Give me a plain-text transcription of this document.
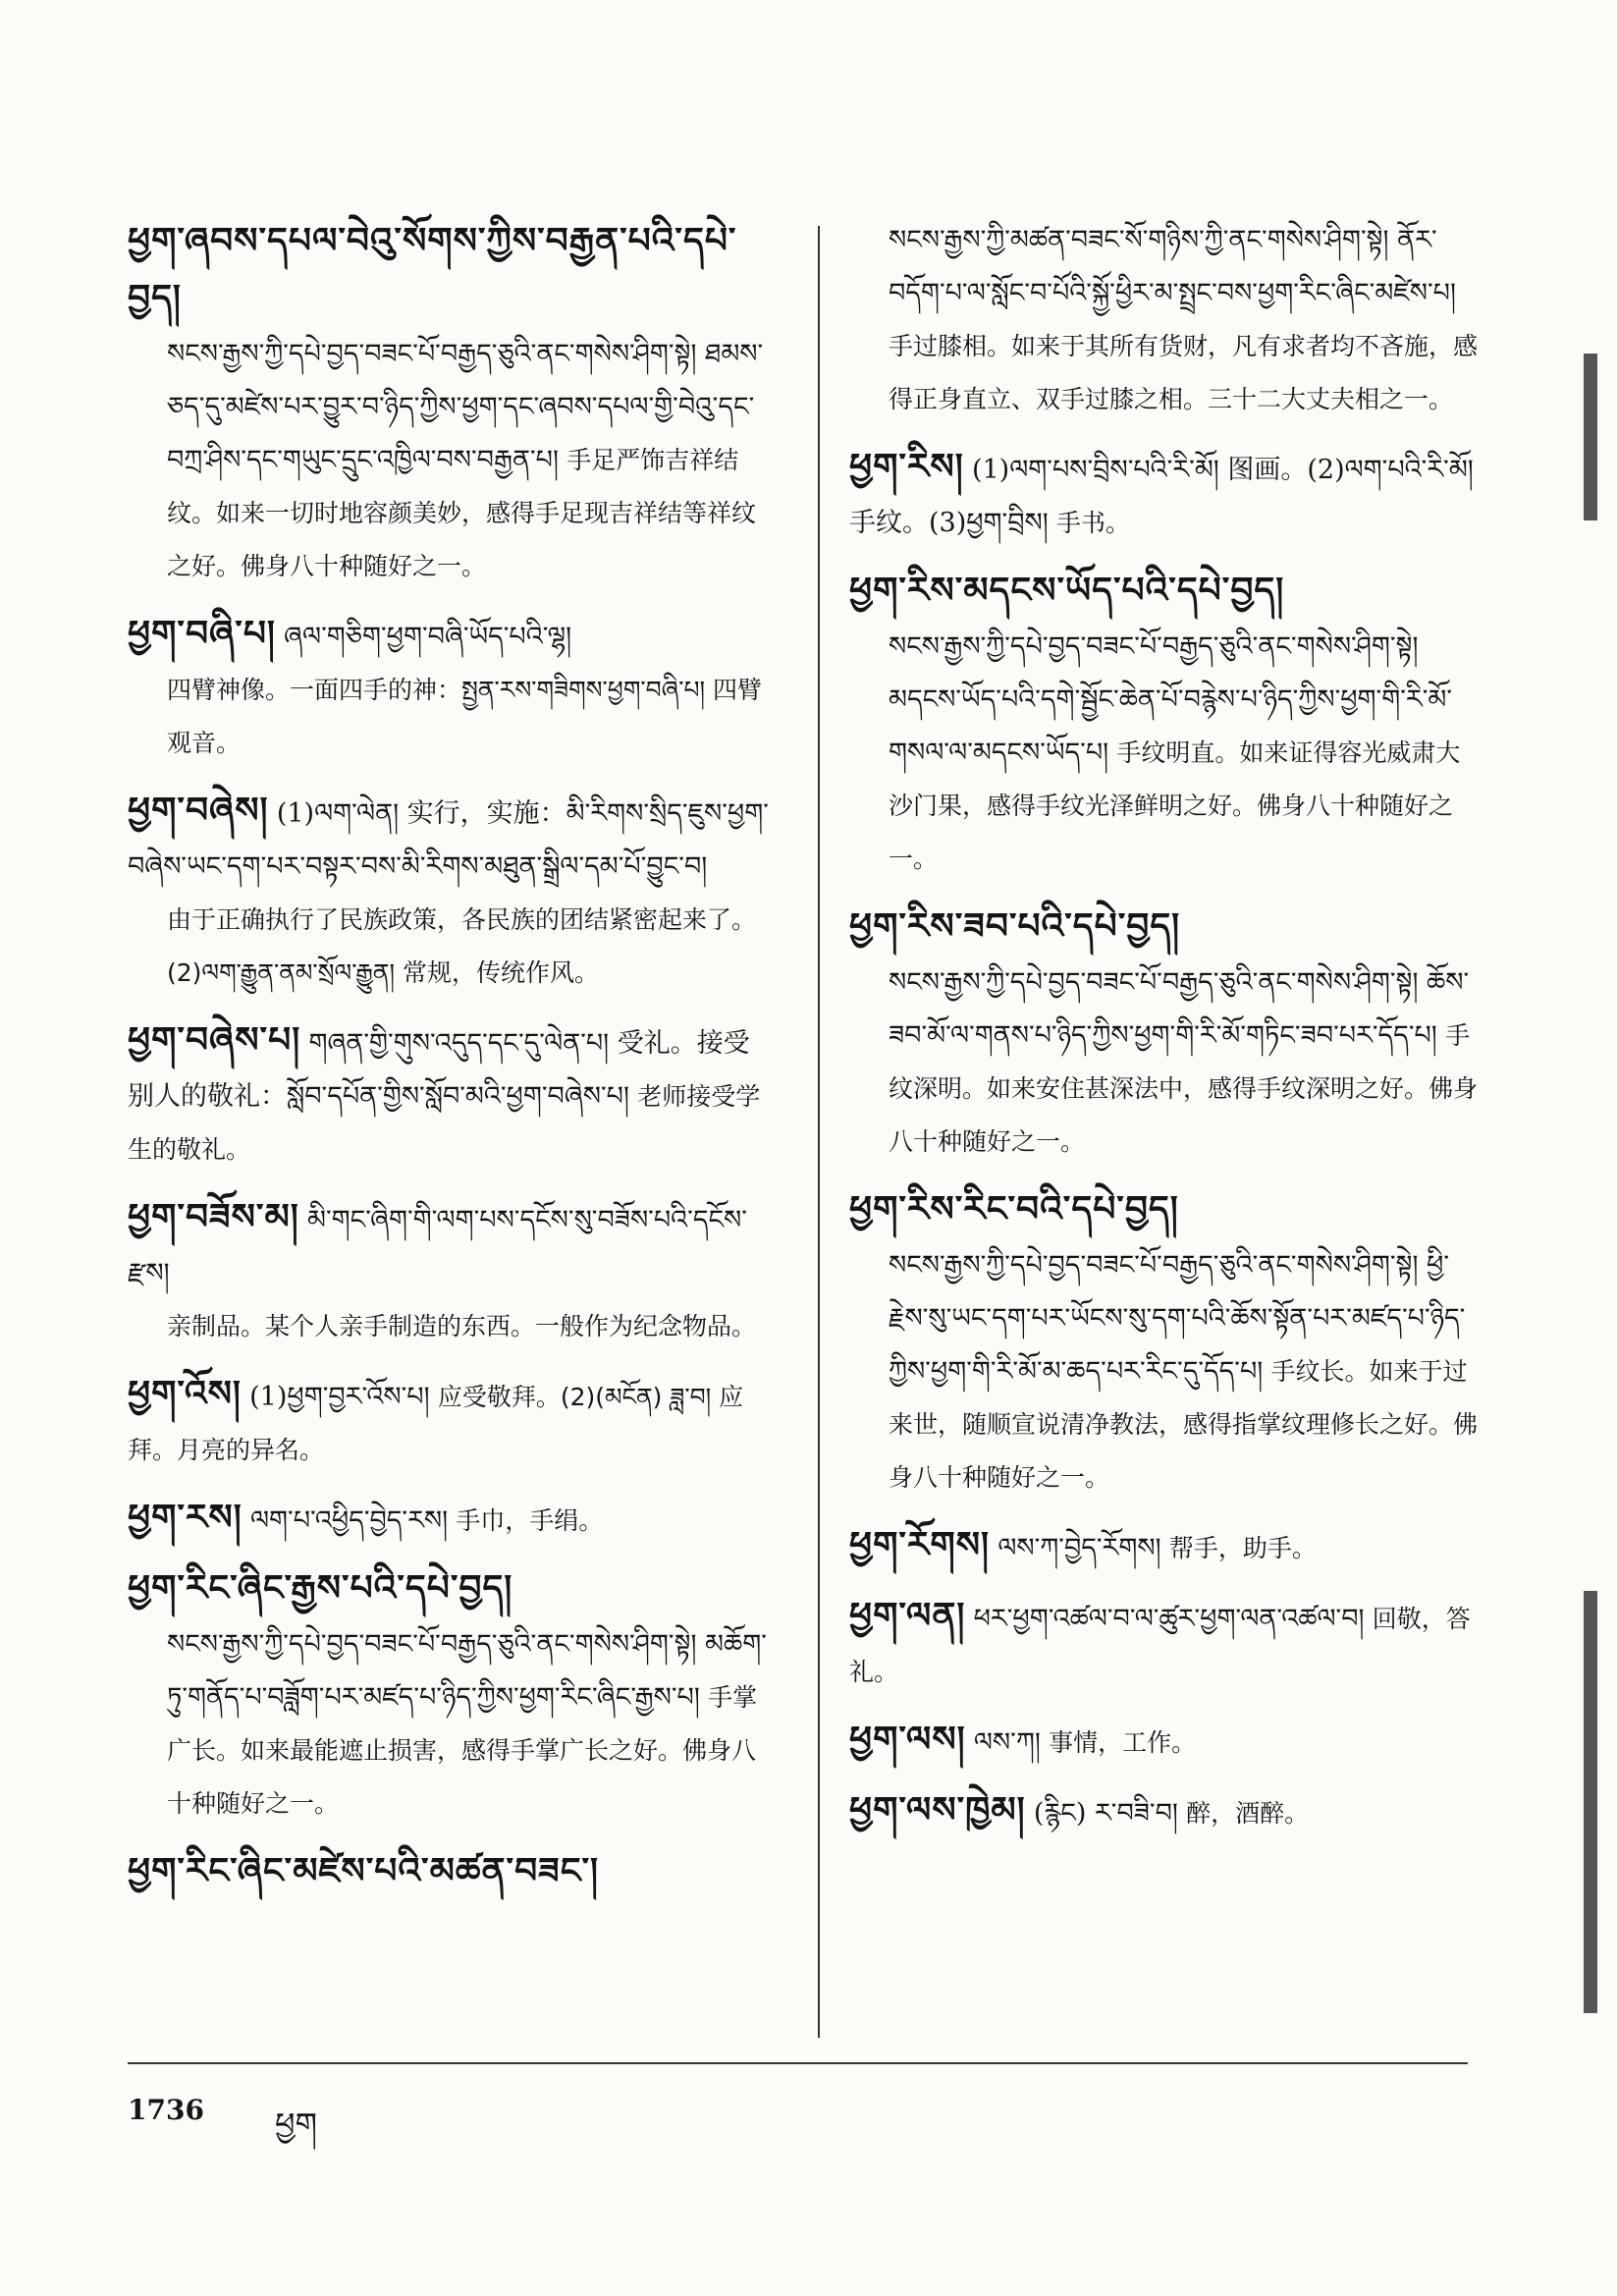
ཕྱག་ཞབས་དཔལ་བེའུ་སོགས་ཀྱིས་བརྒྱན་པའི་དཔེ་བྱད།
སངས་རྒྱས་ཀྱི་དཔེ་བྱད་བཟང་པོ་བརྒྱད་ཅུའི་ནང་གསེས་ཤིག་སྟེ། ཐམས་ཅད་དུ་མཛེས་པར་བྱུར་བ་ཉིད་ཀྱིས་ཕྱག་དང་ཞབས་དཔལ་གྱི་བེའུ་དང་བཀྲ་ཤིས་དང་གཡུང་དྲུང་འཁྱིལ་བས་བརྒྱན་པ། 手足严饰吉祥结纹。如来一切时地容颜美妙，感得手足现吉祥结等祥纹之好。佛身八十种随好之一。
ཕྱག་བཞི་པ། ཞལ་གཅིག་ཕྱག་བཞི་ཡོད་པའི་ལྷ།
四臂神像。一面四手的神：སྤྱན་རས་གཟིགས་ཕྱག་བཞི་པ། 四臂观音。
ཕྱག་བཞེས། (1)ལག་ལེན། 实行，实施：མི་རིགས་སྲིད་ཇུས་ཕྱག་བཞེས་ཡང་དག་པར་བསྟར་བས་མི་རིགས་མཐུན་སྒྲིལ་དམ་པོ་བྱུང་བ།
由于正确执行了民族政策，各民族的团结紧密起来了。(2)ལག་རྒྱུན་ནམ་སྲོལ་རྒྱུན། 常规，传统作风。
ཕྱག་བཞེས་པ། གཞན་གྱི་གུས་འདུད་དང་དུ་ལེན་པ། 受礼。接受别人的敬礼：སློབ་དཔོན་གྱིས་སློབ་མའི་ཕྱག་བཞེས་པ། 老师接受学生的敬礼。
ཕྱག་བཟོས་མ། མི་གང་ཞིག་གི་ལག་པས་དངོས་སུ་བཟོས་པའི་དངོས་རྫས།
亲制品。某个人亲手制造的东西。一般作为纪念物品。
ཕྱག་འོས། (1)ཕྱག་བྱར་འོས་པ། 应受敬拜。(2)(མངོན) ཟླ་བ། 应拜。月亮的异名。
ཕྱག་རས། ལག་པ་འཕྱིད་བྱེད་རས། 手巾，手绢。
ཕྱག་རིང་ཞིང་རྒྱས་པའི་དཔེ་བྱད།
སངས་རྒྱས་ཀྱི་དཔེ་བྱད་བཟང་པོ་བརྒྱད་ཅུའི་ནང་གསེས་ཤིག་སྟེ། མཆོག་ཏུ་གནོད་པ་བཟློག་པར་མཛད་པ་ཉིད་ཀྱིས་ཕྱག་རིང་ཞིང་རྒྱས་པ། 手掌广长。如来最能遮止损害，感得手掌广长之好。佛身八十种随好之一。
ཕྱག་རིང་ཞིང་མཛེས་པའི་མཚན་བཟང་།
སངས་རྒྱས་ཀྱི་མཚན་བཟང་སོ་གཉིས་ཀྱི་ནང་གསེས་ཤིག་སྟེ། ནོར་བདོག་པ་ལ་སློང་བ་པོའི་སྐྱོ་ཕྱིར་མ་སྤྲང་བས་ཕྱག་རིང་ཞིང་མཛེས་པ། 手过膝相。如来于其所有货财，凡有求者均不吝施，感得正身直立、双手过膝之相。三十二大丈夫相之一。
ཕྱག་རིས། (1)ལག་པས་བྲིས་པའི་རི་མོ། 图画。(2)ལག་པའི་རི་མོ། 手纹。(3)ཕྱག་བྲིས། 手书。
ཕྱག་རིས་མདངས་ཡོད་པའི་དཔེ་བྱད།
སངས་རྒྱས་ཀྱི་དཔེ་བྱད་བཟང་པོ་བརྒྱད་ཅུའི་ནང་གསེས་ཤིག་སྟེ། མདངས་ཡོད་པའི་དགེ་སྦྱོང་ཆེན་པོ་བརྙེས་པ་ཉིད་ཀྱིས་ཕྱག་གི་རི་མོ་གསལ་ལ་མདངས་ཡོད་པ། 手纹明直。如来证得容光威肃大沙门果，感得手纹光泽鲜明之好。佛身八十种随好之一。
ཕྱག་རིས་ཟབ་པའི་དཔེ་བྱད།
སངས་རྒྱས་ཀྱི་དཔེ་བྱད་བཟང་པོ་བརྒྱད་ཅུའི་ནང་གསེས་ཤིག་སྟེ། ཆོས་ཟབ་མོ་ལ་གནས་པ་ཉིད་ཀྱིས་ཕྱག་གི་རི་མོ་གཏིང་ཟབ་པར་དོད་པ། 手纹深明。如来安住甚深法中，感得手纹深明之好。佛身八十种随好之一。
ཕྱག་རིས་རིང་བའི་དཔེ་བྱད།
སངས་རྒྱས་ཀྱི་དཔེ་བྱད་བཟང་པོ་བརྒྱད་ཅུའི་ནང་གསེས་ཤིག་སྟེ། ཕྱི་རྗེས་སུ་ཡང་དག་པར་ཡོངས་སུ་དག་པའི་ཆོས་སྟོན་པར་མཛད་པ་ཉིད་ཀྱིས་ཕྱག་གི་རི་མོ་མ་ཆད་པར་རིང་དུ་དོད་པ། 手纹长。如来于过来世，随顺宣说清净教法，感得指掌纹理修长之好。佛身八十种随好之一。
ཕྱག་རོགས། ལས་ཀ་བྱེད་རོགས། 帮手，助手。
ཕྱག་ལན། ཕར་ཕྱག་འཚལ་བ་ལ་ཚུར་ཕྱག་ལན་འཚལ་བ། 回敬，答礼。
ཕྱག་ལས། ལས་ཀ། 事情，工作。
ཕྱག་ལས་ཁྱེམ། (རྙིང) ར་བཟི་བ། 醉，酒醉。
1736 ཕྱག
